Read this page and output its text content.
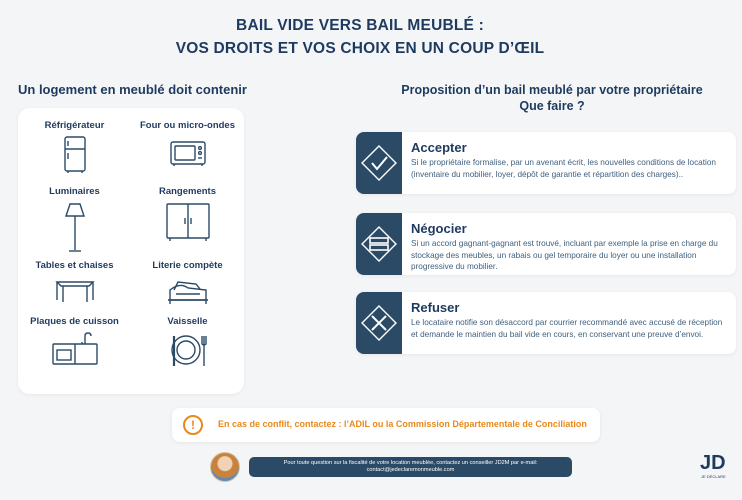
BAIL VIDE VERS BAIL MEUBLÉ :
VOS DROITS ET VOS CHOIX EN UN COUP D’ŒIL
Un logement en meublé doit contenir
Réfrigérateur	Four ou micro-ondes
Luminaires	Rangements
Tables et chaises	Literie compète
Plaques de cuisson	Vaisselle
Proposition d’un bail meublé par votre propriétaire
Que faire ?
Accepter
Si le propriétaire formalise, par un avenant écrit, les nouvelles conditions de location (inventaire du mobilier, loyer, dépôt de garantie et répartition des charges)..
Négocier
Si un accord gagnant-gagnant est trouvé, incluant par exemple la prise en charge du stockage des meubles, un rabais ou gel temporaire du loyer ou une installation progressive du mobilier.
Refuser
Le locataire notifie son désaccord par courrier recommandé avec accusé de réception et demande le maintien du bail vide en cours, en conservant une preuve d’envoi.
!	En cas de conflit, contactez : l’ADIL ou la Commission Départementale de Conciliation
Pour toute question sur la fiscalité de votre location meublée, contactez un conseiller JD2M par e-mail:
contact@jedeclaremonmeuble.com	JD
JE DÉCLARE
